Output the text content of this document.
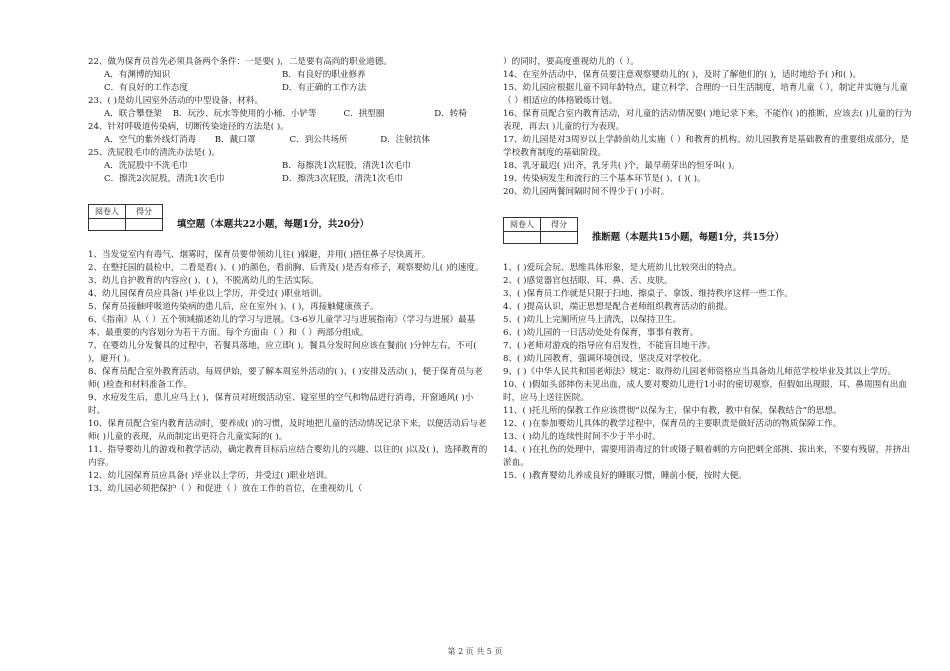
22、做为保育员首先必须具备两个条件：一是要( )，二是要有高尚的职业道德。
A．有渊博的知识	B．有良好的职业修养
C．有良好的工作态度	D．有正确的工作方法
23、( )是幼儿园室外活动的中型设备、材料。
A．联合攀登架 B．玩沙、玩水等使用的小桶、小铲等	C．拱型圈	D．转椅
24、针对呼吸道传染病，切断传染途径的方法是( )。
A．空气的紫外线灯消毒 B．戴口罩	C．到公共场所	D．注射抗体
25、洗屁股毛巾的清洗办法是( )。
A．洗屁股中不洗毛巾	B．每擦洗1次屁股，清洗1次毛巾
C．擦洗2次屁股，清洗1次毛巾	D．擦洗3次屁股，清洗1次毛巾
阅卷人	得分

填空题（本题共22小题，每题1分，共20分）
1、当发觉室内有毒气、烟雾时，保育员要带领幼儿往( )躲避，并用( )捂住鼻子尽快离开。
2、在整托园的晨检中，二看是看( )、( )的颜色，看前胸、后背及( )是否有疹子，观察婴幼儿( )的速度。
3、幼儿自护教育的内容应( )、( )，不脱离幼儿的生活实际。
4、幼儿园保育员应具备( )毕业以上学历，并受过( )职业培训。
5、保育员接触呼吸道传染病的患儿后，应在室外( )、( )，再接触健康孩子。
6、《指南》从（ ）五个领域描述幼儿的学习与进展。《3-6岁儿童学习与进展指南》（学习与进展）最基本、最重要的内容划分为若干方面。每个方面由（ ）和（ ）两部分组成。
7、在婴幼儿分发餐具的过程中，若餐具落地，应立即( )。餐具分发时间应该在餐前( )分钟左右，不可( )，避开( )。
8、保育员配合室外教育活动，每周伊始，要了解本周室外活动的( )、( )安排及活动( )，便于保育员与老师( )检查和材料准备工作。
9、水痘发生后，患儿应马上( )，保育员对班级活动室、寝室里的空气和物品进行消毒，开窗通风( )小时。
10、保育员配合室内教育活动时，要养成( )的习惯，及时地把儿童的活动情况记录下来，以便活动后与老师( )儿童的表现，从而制定出更符合儿童实际的( )。
11、指导婴幼儿的游戏和教学活动，确定教育目标后应结合婴幼儿的兴趣、以往的( )以及( )，选择教育的内容。
12、幼儿园保育员应具备( )毕业以上学历，并受过( )职业培训。
13、幼儿园必须把保护（ ）和促进（ ）放在工作的首位，在重视幼儿（
）的同时，要高度重视幼儿的（ ）。
14、在室外活动中，保育员要注意观察婴幼儿的( )，及时了解他们的( )，适时地给予( )和( )。
15、幼儿园应根据儿童不同年龄特点，建立科学、合理的一日生活制度，培育儿童（ ），制定并实施与儿童（ ）相适应的体格锻炼计划。
16、保育员配合室内教育活动，对儿童的活动情况要( )地记录下来，不能作( )的推断，应该去( )儿童的行为表现，再去( )儿童的行为表现。
17、幼儿园是对3周岁以上学龄前幼儿实施（ ）和教育的机构。幼儿园教育是基础教育的重要组成部分，是学校教育制度的基础阶段。
18、乳牙最迟( )出齐，乳牙共( )个，最早萌芽出的恒牙叫( )。
19、传染病发生和流行的三个基本环节是( )、( )( )。
20、幼儿园两餐间隔时间不得少于( )小时。
阅卷人	得分

推断题（本题共15小题，每题1分，共15分）
1、( )爱玩会玩、思维具体形象，是大班幼儿比较突出的特点。
2、( )感觉器官包括眼、耳、鼻、舌、皮肤。
3、( )保育员工作就是只限于扫地、擦桌子、拿饭、维持秩序这样一些工作。
4、( )提高认识，端正思想是配合老师组织教育活动的前提。
5、( )幼儿上完厕所应马上清洗，以保持卫生。
6、( )幼儿园的一日活动处处有保育，事事有教育。
7、( )老师对游戏的指导应有启发性，不能盲目地干涉。
8、( )幼儿园教育，强调环境创设，坚决反对学校化。
9、( )《中华人民共和国老师法》规定：取得幼儿园老师资格应当具备幼儿师范学校毕业及其以上学历。
10、( )假如头部摔伤未见出血，成人要对婴幼儿进行1小时的密切观察，但假如出现眼、耳、鼻周围有出血时，应马上送往医院。
11、( )托儿所的保教工作应该贯彻“以保为主，保中有教，教中有保，保教结合”的思想。
12、( )在参加婴幼儿具体的教学过程中，保育员的主要职责是做好活动的物质保障工作。
13、( )幼儿的连续性时间不少于半小时。
14、( )在扎伤的处理中，需要用消毒过的针或镊子顺着刺的方向把刺全部挑、拔出来，不要有残留，并挤出淤血。
15、( )教育婴幼儿养成良好的睡眠习惯，睡前小便，按时大便。
第 2 页 共 5 页
